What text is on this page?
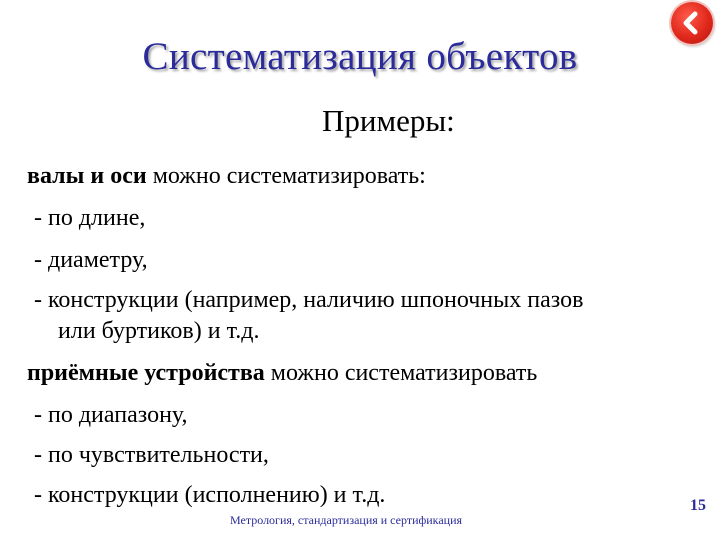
Систематизация объектов
Примеры:
валы и оси можно систематизировать:
- по длине,
- диаметру,
- конструкции (например, наличию шпоночных пазов
или буртиков) и т.д.
приёмные устройства можно систематизировать
- по диапазону,
- по чувствительности,
- конструкции (исполнению) и т.д.
Метрология, стандартизация и сертификация
15
